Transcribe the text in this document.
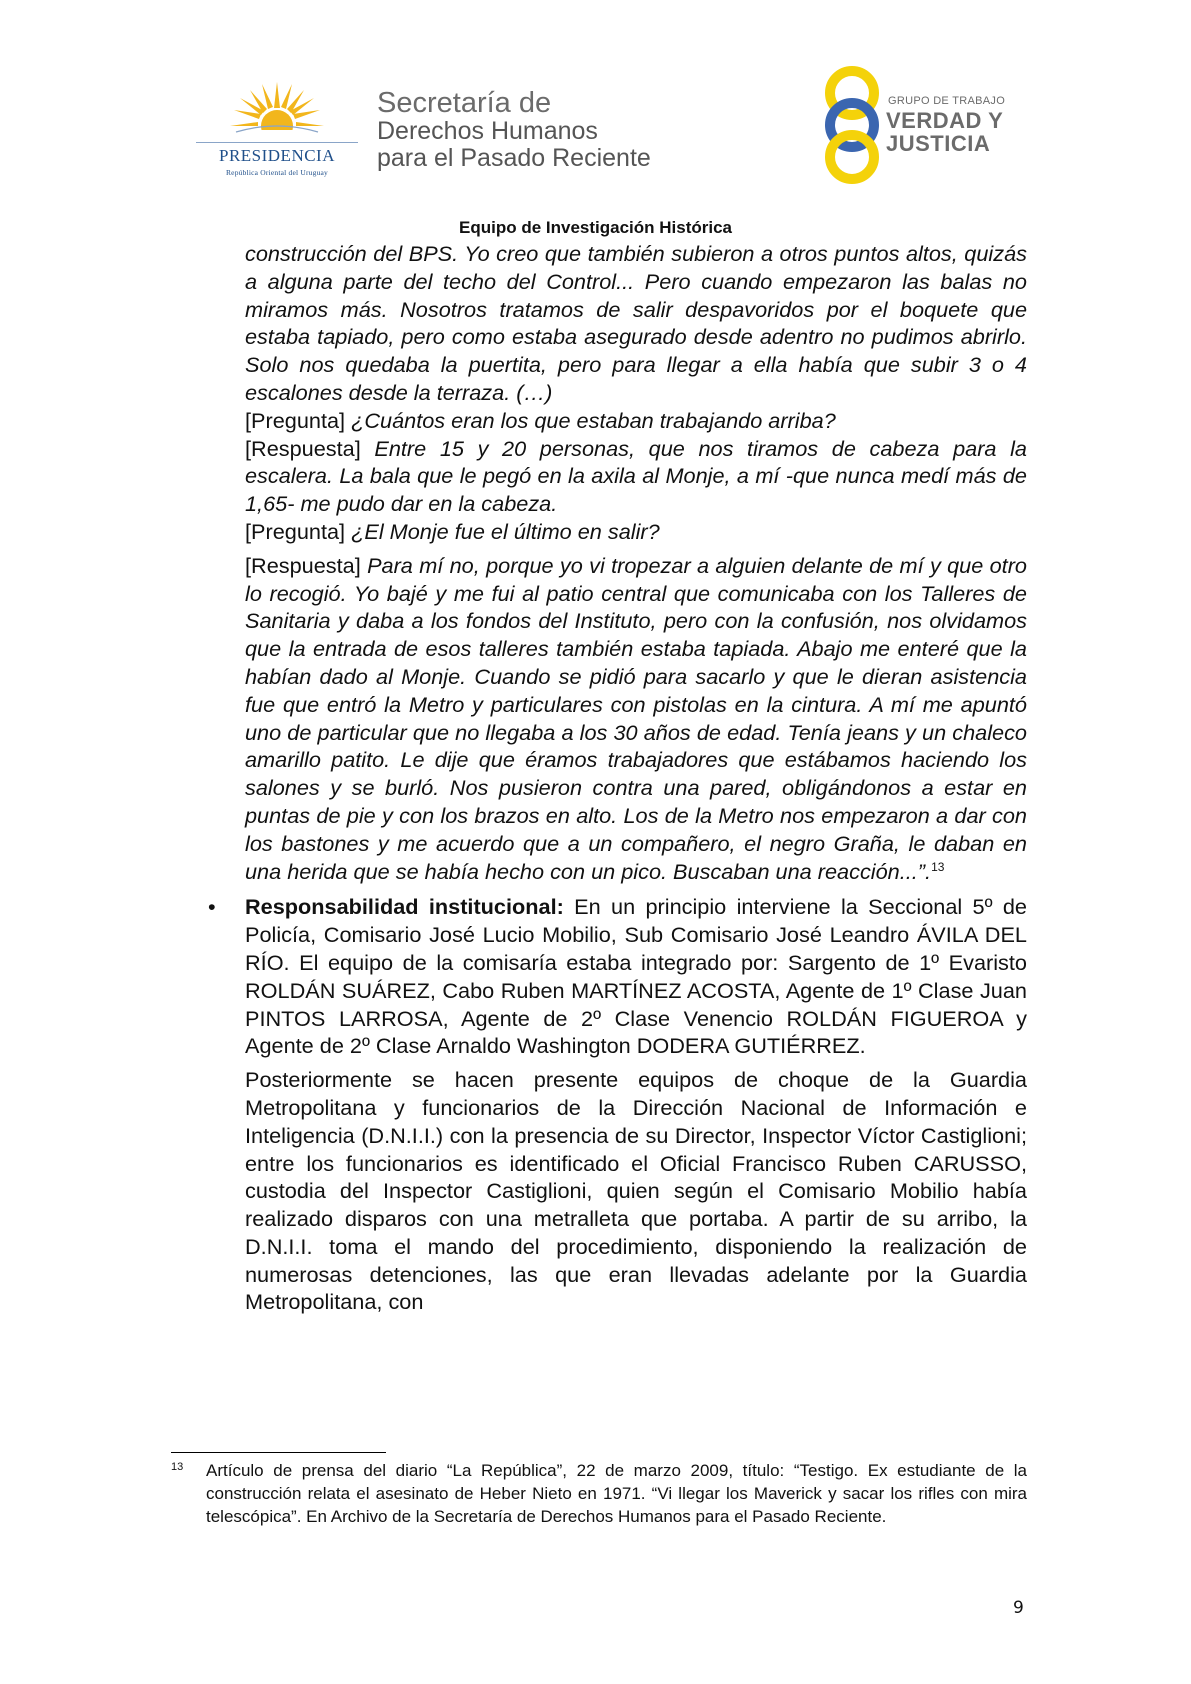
PRESIDENCIA
República Oriental del Uruguay
Secretaría de
Derechos Humanos
para el Pasado Reciente
GRUPO DE TRABAJO
VERDAD Y
JUSTICIA
Equipo de Investigación Histórica

construcción del BPS. Yo creo que también subieron a otros puntos altos, quizás a alguna parte del techo del Control... Pero cuando empezaron las balas no miramos más. Nosotros tratamos de salir despavoridos por el boquete que estaba tapiado, pero como estaba asegurado desde adentro no pudimos abrirlo. Solo nos quedaba la puertita, pero para llegar a ella había que subir 3 o 4 escalones desde la terraza. (…)

[Pregunta] ¿Cuántos eran los que estaban trabajando arriba?

[Respuesta] Entre 15 y 20 personas, que nos tiramos de cabeza para la escalera. La bala que le pegó en la axila al Monje, a mí -que nunca medí más de 1,65- me pudo dar en la cabeza.

[Pregunta] ¿El Monje fue el último en salir?

[Respuesta] Para mí no, porque yo vi tropezar a alguien delante de mí y que otro lo recogió. Yo bajé y me fui al patio central que comunicaba con los Talleres de Sanitaria y daba a los fondos del Instituto, pero con la confusión, nos olvidamos que la entrada de esos talleres también estaba tapiada. Abajo me enteré que la habían dado al Monje. Cuando se pidió para sacarlo y que le dieran asistencia fue que entró la Metro y particulares con pistolas en la cintura. A mí me apuntó uno de particular que no llegaba a los 30 años de edad. Tenía jeans y un chaleco amarillo patito. Le dije que éramos trabajadores que estábamos haciendo los salones y se burló. Nos pusieron contra una pared, obligándonos a estar en puntas de pie y con los brazos en alto. Los de la Metro nos empezaron a dar con los bastones y me acuerdo que a un compañero, el negro Graña, le daban en una herida que se había hecho con un pico. Buscaban una reacción...”.$^{13}$

• Responsabilidad institucional: En un principio interviene la Seccional 5º de Policía, Comisario José Lucio Mobilio, Sub Comisario José Leandro ÁVILA DEL RÍO. El equipo de la comisaría estaba integrado por: Sargento de 1º Evaristo ROLDÁN SUÁREZ, Cabo Ruben MARTÍNEZ ACOSTA, Agente de 1º Clase Juan PINTOS LARROSA, Agente de 2º Clase Venencio ROLDÁN FIGUEROA y Agente de 2º Clase Arnaldo Washington DODERA GUTIÉRREZ.

Posteriormente se hacen presente equipos de choque de la Guardia Metropolitana y funcionarios de la Dirección Nacional de Información e Inteligencia (D.N.I.I.) con la presencia de su Director, Inspector Víctor Castiglioni; entre los funcionarios es identificado el Oficial Francisco Ruben CARUSSO, custodia del Inspector Castiglioni, quien según el Comisario Mobilio había realizado disparos con una metralleta que portaba. A partir de su arribo, la D.N.I.I. toma el mando del procedimiento, disponiendo la realización de numerosas detenciones, las que eran llevadas adelante por la Guardia Metropolitana, con

13 Artículo de prensa del diario “La República”, 22 de marzo 2009, título: “Testigo. Ex estudiante de la construcción relata el asesinato de Heber Nieto en 1971. “Vi llegar los Maverick y sacar los rifles con mira telescópica”. En Archivo de la Secretaría de Derechos Humanos para el Pasado Reciente.
9
